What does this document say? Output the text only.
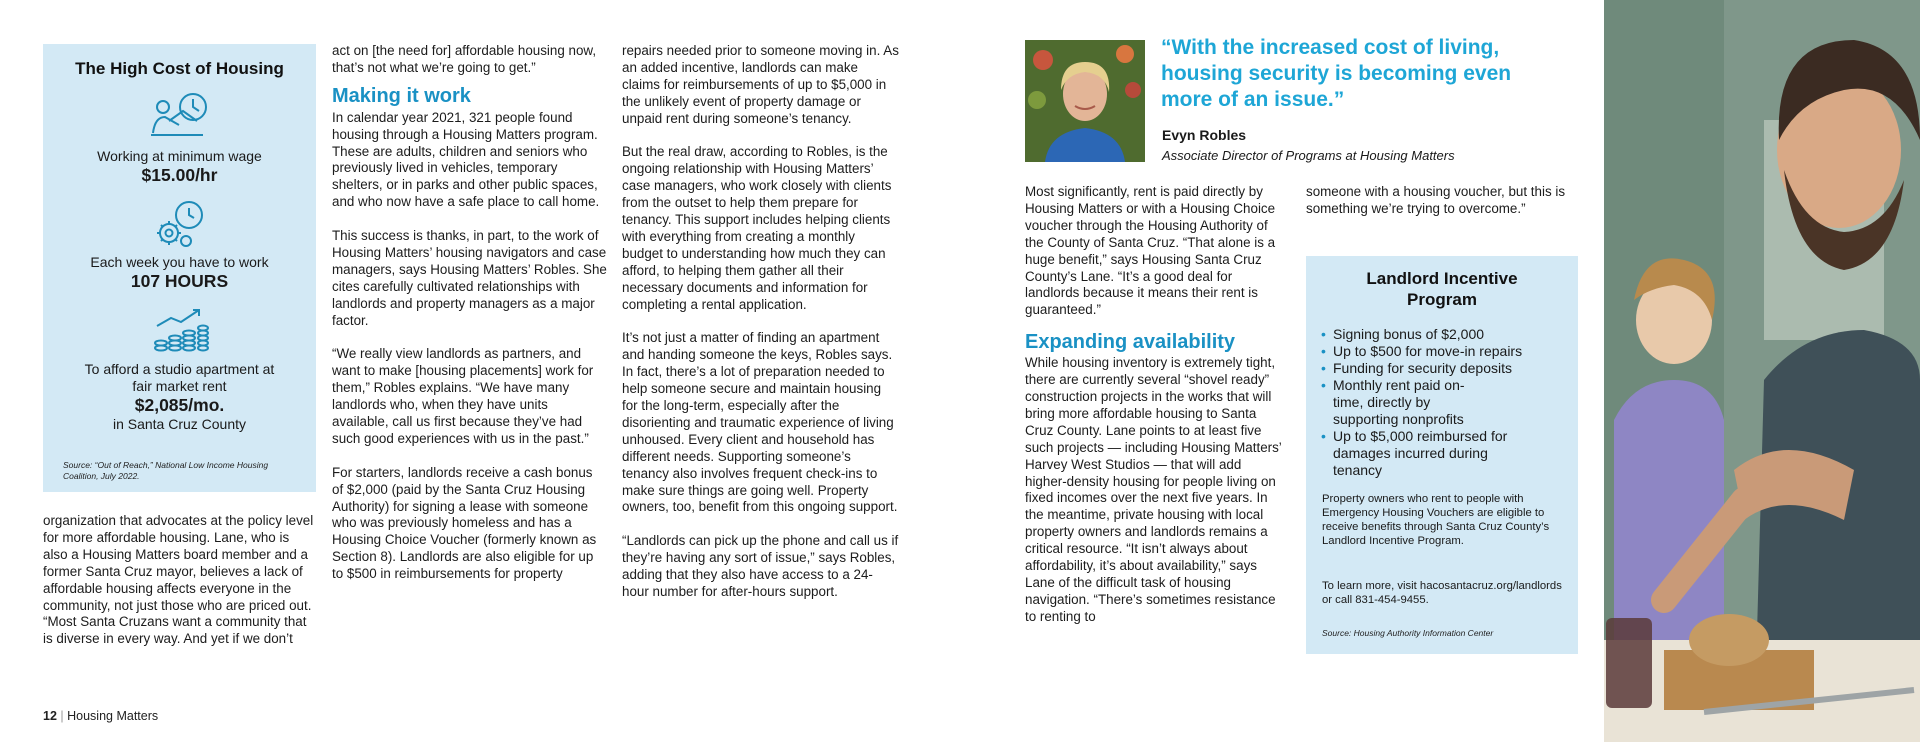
The High Cost of Housing
Working at minimum wage
$15.00/hr
Each week you have to work
107 HOURS
To afford a studio apartment at
fair market rent
$2,085/mo.
in Santa Cruz County
Source: “Out of Reach,” National Low Income Housing Coalition, July 2022.
organization that advocates at the policy level for more affordable housing. Lane, who is also a Housing Matters board member and a former Santa Cruz mayor, believes a lack of affordable housing affects everyone in the community, not just those who are priced out. “Most Santa Cruzans want a community that is diverse in every way. And yet if we don’t

act on [the need for] affordable housing now, that’s not what we’re going to get.”

Making it work

In calendar year 2021, 321 people found housing through a Housing Matters program. These are adults, children and seniors who previously lived in vehicles, temporary shelters, or in parks and other public spaces, and who now have a safe place to call home.

This success is thanks, in part, to the work of Housing Matters’ housing navigators and case managers, says Housing Matters’ Robles. She cites carefully cultivated relationships with landlords and property managers as a major factor.

“We really view landlords as partners, and want to make [housing placements] work for them,” Robles explains. “We have many landlords who, when they have units available, call us first because they’ve had such good experiences with us in the past.”

For starters, landlords receive a cash bonus of $2,000 (paid by the Santa Cruz Housing Authority) for signing a lease with someone who was previously homeless and has a Housing Choice Voucher (formerly known as Section 8). Landlords are also eligible for up to $500 in reimbursements for property

repairs needed prior to someone moving in. As an added incentive, landlords can make claims for reimbursements of up to $5,000 in the unlikely event of property damage or unpaid rent during someone’s tenancy.

But the real draw, according to Robles, is the ongoing relationship with Housing Matters’ case managers, who work closely with clients from the outset to help them prepare for tenancy. This support includes helping clients with everything from creating a monthly budget to understanding how much they can afford, to helping them gather all their necessary documents and information for completing a rental application.

It’s not just a matter of finding an apartment and handing someone the keys, Robles says. In fact, there’s a lot of preparation needed to help someone secure and maintain housing for the long-term, especially after the disorienting and traumatic experience of living unhoused. Every client and household has different needs. Supporting someone’s tenancy also involves frequent check-ins to make sure things are going well. Property owners, too, benefit from this ongoing support.

“Landlords can pick up the phone and call us if they’re having any sort of issue,” says Robles, adding that they also have access to a 24-hour number for after-hours support.

“With the increased cost of living, housing security is becoming even more of an issue.”
Evyn Robles
Associate Director of Programs at Housing Matters

Most significantly, rent is paid directly by Housing Matters or with a Housing Choice voucher through the Housing Authority of the County of Santa Cruz. “That alone is a huge benefit,” says Housing Santa Cruz County’s Lane. “It’s a good deal for landlords because it means their rent is guaranteed.”

Expanding availability

While housing inventory is extremely tight, there are currently several “shovel ready” construction projects in the works that will bring more affordable housing to Santa Cruz County. Lane points to at least five such projects — including Housing Matters’ Harvey West Studios — that will add higher-density housing for people living on fixed incomes over the next five years. In the meantime, private housing with local property owners and landlords remains a critical resource. “It isn’t always about affordability, it’s about availability,” says Lane of the difficult task of housing navigation. “There’s sometimes resistance to renting to

someone with a housing voucher, but this is something we’re trying to overcome.”
Landlord Incentive Program
• Signing bonus of $2,000
• Up to $500 for move-in repairs
• Funding for security deposits
• Monthly rent paid on-time, directly by supporting nonprofits
• Up to $5,000 reimbursed for damages incurred during tenancy
Property owners who rent to people with Emergency Housing Vouchers are eligible to receive benefits through Santa Cruz County’s Landlord Incentive Program.
To learn more, visit hacosantacruz.org/landlords or call 831-454-9455.
Source: Housing Authority Information Center
12 | Housing Matters
